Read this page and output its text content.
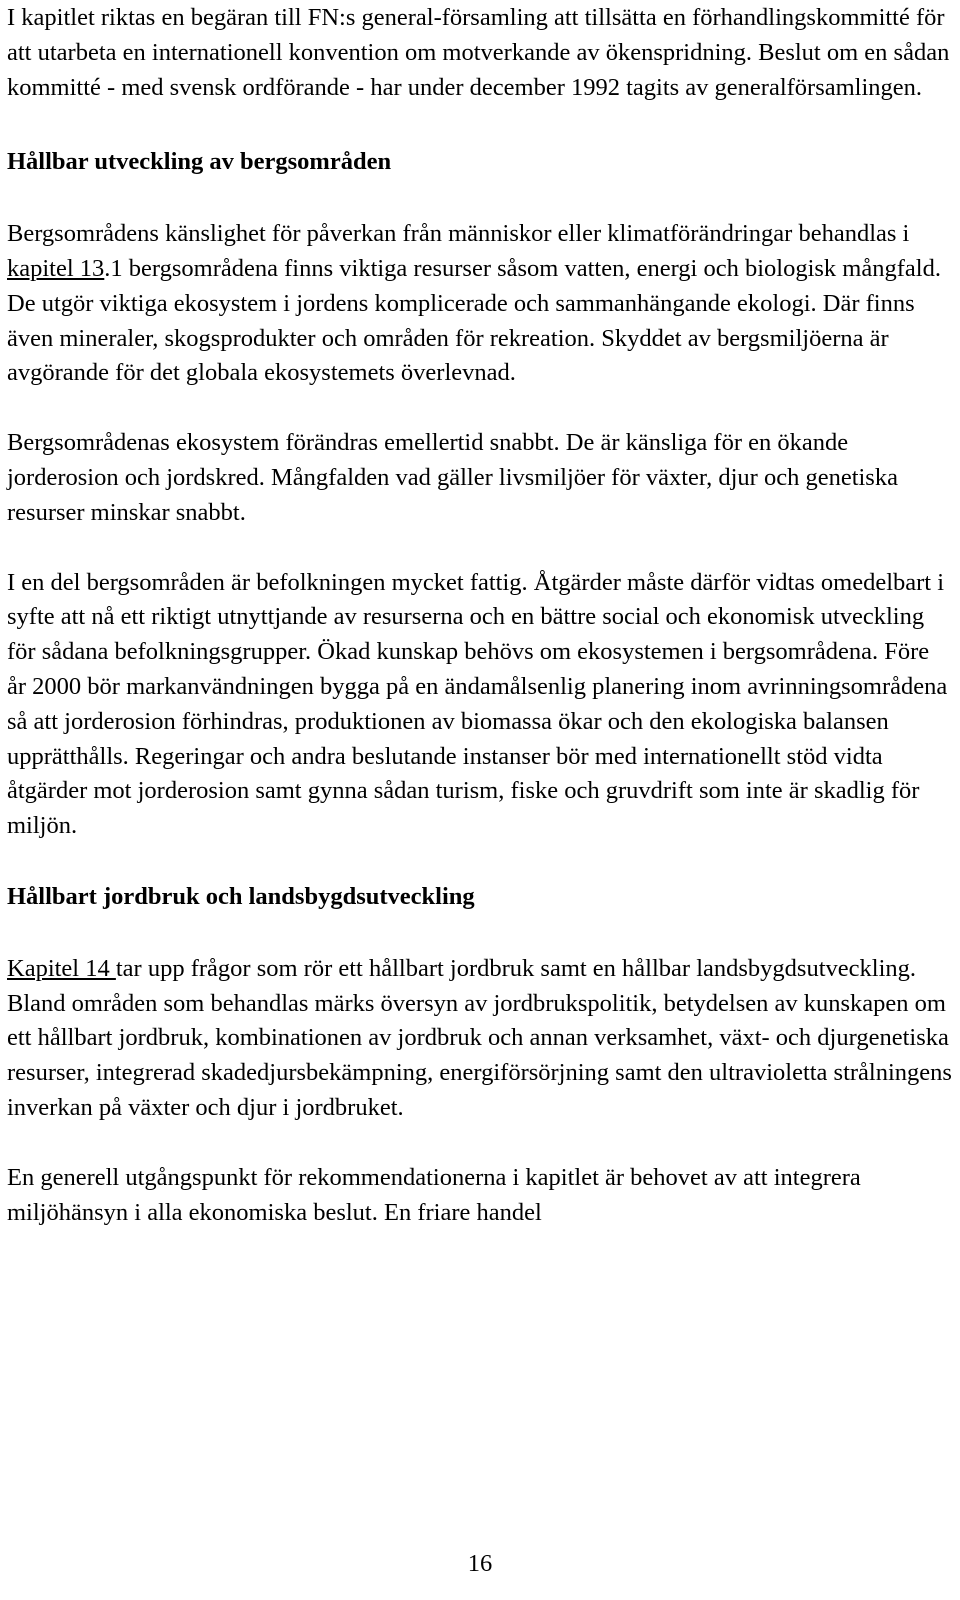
I kapitlet riktas en begäran till FN:s general-församling att tillsätta en förhandlingskommitté för att utarbeta en internationell konvention om motverkande av ökenspridning. Beslut om en sådan kommitté - med svensk ordförande - har under december 1992 tagits av generalförsamlingen.

Hållbar utveckling av bergsområden

Bergsområdens känslighet för påverkan från människor eller klimatförändringar behandlas i kapitel 13.1 bergsområdena finns viktiga resurser såsom vatten, energi och biologisk mångfald. De utgör viktiga ekosystem i jordens komplicerade och sammanhängande ekologi. Där finns även mineraler, skogsprodukter och områden för rekreation. Skyddet av bergsmiljöerna är avgörande för det globala ekosystemets överlevnad.

Bergsområdenas ekosystem förändras emellertid snabbt. De är känsliga för en ökande jorderosion och jordskred. Mångfalden vad gäller livsmiljöer för växter, djur och genetiska resurser minskar snabbt.

I en del bergsområden är befolkningen mycket fattig. Åtgärder måste därför vidtas omedelbart i syfte att nå ett riktigt utnyttjande av resurserna och en bättre social och ekonomisk utveckling för sådana befolkningsgrupper. Ökad kunskap behövs om ekosystemen i bergsområdena. Före år 2000 bör markanvändningen bygga på en ändamålsenlig planering inom avrinningsområdena så att jorderosion förhindras, produktionen av biomassa ökar och den ekologiska balansen upprätthålls. Regeringar och andra beslutande instanser bör med internationellt stöd vidta åtgärder mot jorderosion samt gynna sådan turism, fiske och gruvdrift som inte är skadlig för miljön.

Hållbart jordbruk och landsbygdsutveckling

Kapitel 14 tar upp frågor som rör ett hållbart jordbruk samt en hållbar landsbygdsutveckling. Bland områden som behandlas märks översyn av jordbrukspolitik, betydelsen av kunskapen om ett hållbart jordbruk, kombinationen av jordbruk och annan verksamhet, växt- och djurgenetiska resurser, integrerad skadedjursbekämpning, energiförsörjning samt den ultravioletta strålningens inverkan på växter och djur i jordbruket.

En generell utgångspunkt för rekommendationerna i kapitlet är behovet av att integrera miljöhänsyn i alla ekonomiska beslut. En friare handel

16
